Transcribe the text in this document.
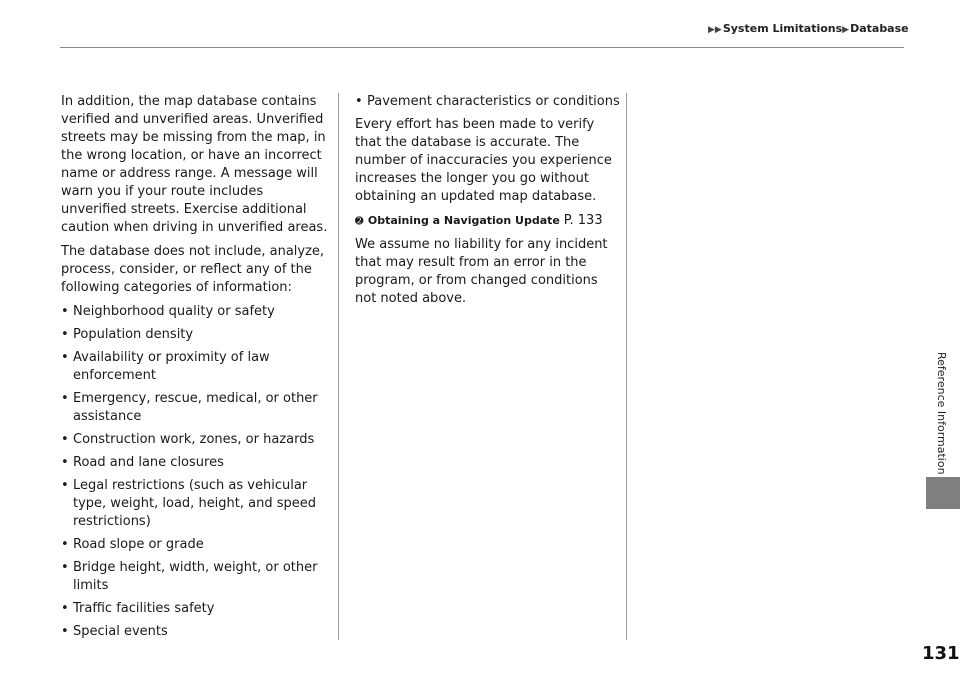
▶▶System Limitations▶Database

In addition, the map database contains verified and unverified areas. Unverified streets may be missing from the map, in the wrong location, or have an incorrect name or address range. A message will warn you if your route includes unverified streets. Exercise additional caution when driving in unverified areas.

The database does not include, analyze, process, consider, or reflect any of the following categories of information:

• Neighborhood quality or safety
• Population density
• Availability or proximity of law enforcement
• Emergency, rescue, medical, or other assistance
• Construction work, zones, or hazards
• Road and lane closures
• Legal restrictions (such as vehicular type, weight, load, height, and speed restrictions)
• Road slope or grade
• Bridge height, width, weight, or other limits
• Traffic facilities safety
• Special events
• Pavement characteristics or conditions

Every effort has been made to verify that the database is accurate. The number of inaccuracies you experience increases the longer you go without obtaining an updated map database.

➋ Obtaining a Navigation Update P. 133

We assume no liability for any incident that may result from an error in the program, or from changed conditions not noted above.

Reference Information
131
